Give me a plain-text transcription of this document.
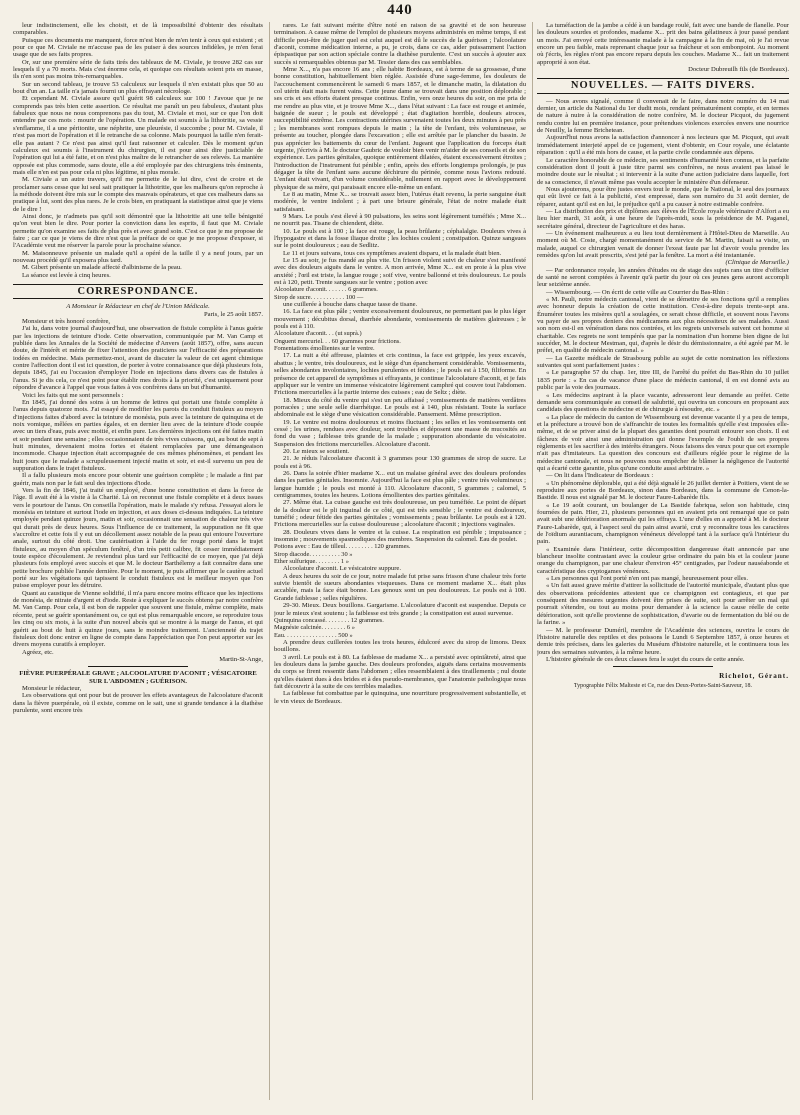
440

leur indistinctement, elle les choisit, et de là impossibilité d'obtenir des résultats comparables.

Puisque ces documents me manquent, force m'est bien de m'en tenir à ceux qui existent ; et pour ce que M. Civiale ne m'accuse pas de les puiser à des sources infidèles, je m'en ferai usage que de ses faits propres.

Or, sur une première série de faits tirés des tableaux de M. Civiale, je trouve 282 cas sur lesquels il y a 70 morts. Mais c'est énorme cela, et quoique ces résultats soient pris en masse, ils n'en sont pas moins très-remarquables.

Sur un second tableau, je trouve 53 calculeux sur lesquels il n'en existait plus que 50 au bout d'un an. La taille n'a jamais fourni un plus effrayant nécrologe.

Et cependant M. Civiale assure qu'il guérit 98 calculeux sur 100 ! J'avoue que je ne comprends pas très bien cette assertion. Ce résultat me paraît un peu fabuleux, d'autant plus fabuleux que nous ne nous comprenons pas du tout, M. Civiale et moi, sur ce que l'on doit entendre par ces mots : mourir de l'opération. Un malade est soumis à la lithotritie, sa vessie s'enflamme, il a une péritonite, une néphrite, une pleurésie, il succombe ; pour M. Civiale, il n'est pas mort de l'opération et il le retranche de sa colonne. Mais pourquoi la taille n'en ferait-elle pas autant ? Ce n'est pas ainsi qu'il faut raisonner et calculer. Dès le moment qu'un calculeux est soumis à l'instrument du chirurgien, il est pour ainsi dire justiciable de l'opération qui lui a été faite, et on n'est plus maître de le retrancher de ses relevés. La manière opposée est plus commode, sans doute, elle a été employée par des chirurgiens très éminents, mais elle n'en est pas pour cela ni plus légitime, ni plus morale.

M. Civiale a un autre travers, qu'il me permette de le lui dire, c'est de croire et de proclamer sans cesse que lui seul sait pratiquer la lithotritie, que les malheurs qu'on reproche à la méthode doivent être mis sur le compte des mauvais opérateurs, et que ces malheurs dans sa pratique à lui, sont des plus rares. Je le crois bien, en pratiquant la statistique ainsi que je viens de le dire !

Ainsi donc, je n'admets pas qu'il soit démontré que la lithotritie ait une telle bénignité qu'on veut bien le dire. Pour porter la conviction dans les esprits, il faut que M. Civiale permette qu'on examine ses faits de plus près et avec grand soin. C'est ce que je me propose de faire ; car ce que je viens de dire n'est que la préface de ce que je me propose d'exposer, si l'Académie veut me réserver la parole pour la prochaine séance.

M. Maisonneuve présente un malade qu'il a opéré de la taille il y a neuf jours, par un nouveau procédé qu'il exposera plus tard.

M. Gibert présente un malade affecté d'albinisme de la peau.

La séance est levée à cinq heures.

CORRESPONDANCE.

A Monsieur le Rédacteur en chef de l'Union Médicale.

Paris, le 25 août 1857.

Monsieur et très honoré confrère,

J'ai lu, dans votre journal d'aujourd'hui, une observation de fistule complète à l'anus guérie par les injections de teinture d'iode. Cette observation, communiquée par M. Van Camp et publiée dans les Annales de la Société de médecine d'Anvers (août 1857), offre, sans aucun doute, de l'intérêt et mérite de fixer l'attention des praticiens sur l'efficacité des préparations iodées en médecine. Mais permettez-moi, avant de discuter la valeur de cet agent chimique contre l'affection dont il est ici question, de porter à votre connaissance que déjà plusieurs fois, depuis 1845, j'ai eu l'occasion d'employer l'iode en injections dans divers cas de fistules à l'anus. Si je dis cela, ce n'est point pour établir mes droits à la priorité, c'est uniquement pour répondre d'avance à l'appel que vous faites à vos confrères dans un but d'humanité.

Voici les faits qui me sont personnels :

En 1845, j'ai donné des soins à un homme de lettres qui portait une fistule complète à l'anus depuis quatorze mois. J'ai essayé de modifier les parois du conduit fistuleux au moyen d'injections faites d'abord avec la teinture de monésia, puis avec la teinture de quinquina et de noix vomique, mêlées en parties égales, et en dernier lieu avec de la teinture d'iode coupée avec un tiers d'eau, puis avec moitié, et enfin pure. Les dernières injections ont été faites matin et soir pendant une semaine ; elles occasionnaient de très vives cuissons, qui, au bout de sept à huit minutes, devenaient moins fortes et étaient remplacées par une démangeaison incommode. Chaque injection était accompagnée de ces mêmes phénomènes, et pendant les huit jours que le malade a scrupuleusement injecté matin et soir, et est-il survenu un peu de suppuration dans le trajet fistuleux.

Il a fallu plusieurs mois encore pour obtenir une guérison complète ; le malade a fini par guérir, mais non par le fait seul des injections d'iode.

Vers la fin de 1846, j'ai traité un employé, d'une bonne constitution et dans la force de l'âge. Il avait été à la visite à la Charité. Là on reconnut une fistule complète et à deux issues vers le pourtour de l'anus. On conseilla l'opération, mais le malade s'y refusa. J'essayai alors le monésia en teinture et surtout l'iode en injection, et aux doses ci-dessus indiquées. La teinture employée pendant quinze jours, matin et soir, occasionnait une sensation de chaleur très vive qui durait près de deux heures. Sous l'influence de ce traitement, la suppuration ne fit que s'accroître et cette fois il y eut un décollement assez notable de la peau qui entoure l'ouverture anale, surtout du côté droit. Une cautérisation à l'aide du fer rouge porté dans le trajet fistuleux, au moyen d'un spéculum fenêtré, d'un très petit calibre, fit cesser immédiatement toute espèce d'écoulement. Je reviendrai plus tard sur l'efficacité de ce moyen, que j'ai déjà plusieurs fois employé avec succès et que M. le docteur Barthélemy a fait connaître dans une petite brochure publiée l'année dernière. Pour le moment, je puis affirmer que le cautère actuel porté sur les végétations qui tapissent le conduit fistuleux est le meilleur moyen que l'on puisse employer pour les détruire.

Quant au caustique de Vienne solidifié, il m'a paru encore moins efficace que les injections de monésia, de nitrate d'argent et d'iode. Reste à expliquer le succès obtenu par notre confrère M. Van Camp. Pour cela, il est bon de rappeler que souvent une fistule, même complète, mais récente, peut se guérir spontanément ou, ce qui est plus remarquable encore, se reproduire tous les cinq ou six mois, à la suite d'un nouvel abcès qui se montre à la marge de l'anus, et qui guérit au bout de huit à quinze jours, sans le moindre traitement. L'ancienneté du trajet fistuleux doit donc entrer en ligne de compte dans l'appréciation que l'on peut apporter sur les divers moyens curatifs à employer.

Agréez, etc.

Martin-St-Ange,

FIÈVRE PUERPÉRALE GRAVE ; ALCOOLATURE D'ACONIT ; VÉSICATOIRE SUR L'ABDOMEN ; GUÉRISON.

Monsieur le rédacteur,

Les observations qui ont pour but de prouver les effets avantageux de l'alcoolature d'aconit dans la fièvre puerpérale, où il existe, comme on le sait, une si grande tendance à la diathèse purulente, sont encore très

rares. Le fait suivant mérite d'être noté en raison de sa gravité et de son heureuse terminaison. A cause même de l'emploi de plusieurs moyens administrés en même temps, il est difficile peut-être de juger quel est celui auquel est dû le succès de la guérison ; l'alcoolature d'aconit, comme médication interne, a pu, je crois, dans ce cas, aider puissamment l'action épispastique par son action spéciale contre la diathèse purulente. C'est un succès à ajouter aux succès si remarquables obtenus par M. Tessier dans des cas semblables.

Mme X..., n'a pas encore 16 ans ; elle habite Bordeaux, est à terme de sa grossesse, d'une bonne constitution, habituellement bien réglée. Assistée d'une sage-femme, les douleurs de l'accouchement commencèrent le samedi 6 mars 1857, et le dimanche matin, la dilatation du col utérin était mais furent vains. Cette jeune dame se trouvait dans une position déplorable ; ses cris et ses efforts étaient presque continus. Enfin, vers onze heures du soir, on me pria de me rendre au plus vite, et je trouve Mme X..., dans l'état suivant : La face est rouge et animée, baignée de sueur ; le pouls est développé ; état d'agitation horrible, douleurs atroces, succeptibilité extrême. Les contractions utérines survenaient toutes les deux minutes à peu près ; les membranes sont rompues depuis le matin ; la tête de l'enfant, très volumineuse, se présente au toucher, plongée dans l'excavation ; elle est arrêtée par le plancher du bassin. Je pus apprécier les battements du cœur de l'enfant. Jugeant que l'application du forceps était urgente, j'écrivis à M. le docteur Gaubric de vouloir bien venir m'aider de ses conseils et de son expérience. Les parties génitales, quoique entièrement dilatées, étaient excessivement étroites ; l'introduction de l'instrument fut pénible ; enfin, après des efforts longtemps prolongés, je pus dégager la tête de l'enfant sans aucune déchirure du périnée, comme nous l'avions redouté. L'enfant était vivant, d'un volume considérable, nullement en rapport avec le développement physique de sa mère, qui paraissait encore elle-même un enfant.

Le 8 au matin, Mme X... se trouvait assez bien, l'utérus était revenu, la perte sanguine était modérée, le ventre indolent ; à part une brisure générale, l'état de notre malade était satisfaisant.

9 Mars. Le pouls s'est élevé à 90 pulsations, les seins sont légèrement tuméfiés ; Mme X... ne nourrit pas. Tisane de chiendent, diète.

10. Le pouls est à 100 ; la face est rouge, la peau brûlante ; céphalalgie. Douleurs vives à l'hypogastre et dans la fosse iliaque droite ; les lochies coulent ; constipation. Quinze sangsues sur le point douloureux ; eau de Sedlitz.

Le 11 et jours suivans, tous ces symptômes avaient disparu, et la malade était bien.

Le 15 au soir, je fus mandé au plus vite. Un frisson violent suivi de chaleur s'est manifesté avec des douleurs aiguës dans le ventre. A mon arrivée, Mme X... est en proie à la plus vive anxiété ; l'œil est triste, la langue rouge ; soif vive, ventre ballonné et très douloureux. Le pouls est à 120, petit. Trente sangsues sur le ventre ; potion avec

Alcoolature d'aconit. . . . . . . 6 grammes.

Sirop de sucre. . . . . . . . . . . 100 —

une cuillerée à bouche dans chaque tasse de tisane.

16. La face est plus pâle ; ventre excessivement douloureux, ne permettant pas le plus léger mouvement ; décubitus dorsal, diarrhée abondante, vomissements de matières glaireuses ; le pouls est à 110.

Alcoolature d'aconit. . . (ut suprà.)

Onguent mercuriel. . . 60 grammes pour frictions.

Fomentations émollientes sur le ventre.

17. La nuit a été affreuse, plaintes et cris continus, la face est grippée, les yeux excavés, abattus ; le ventre, très douloureux, est le siège d'un épanchement considérable. Vomissements, selles abondantes involontaires, lochies purulentes et fétides ; le pouls est à 150, filiforme. En présence de cet appareil de symptômes si effrayants, je continue l'alcoolature d'aconit, et je fais appliquer sur le ventre un immense vésicatoire légèrement camphré qui couvre tout l'abdomen. Frictions mercurielles à la partie interne des cuisses ; eau de Seltz ; diète.

18. Mieux du côté du ventre qui s'est un peu affaissé ; vomissements de matières verdâtres porracées ; une seule selle diarrhéique. Le pouls est à 140, plus résistant. Toute la surface abdominale est le siège d'une vésication considérable. Pansement. Même prescription.

19. Le ventre est moins douloureux et moins fluctuant ; les selles et les vomissements ont cessé ; les urines, rendues avec douleur, sont troubles et déposent une masse de mucosités au fond du vase ; faiblesse très grande de la malade ; suppuration abondante du vésicatoire. Suspension des frictions mercurielles. Alcoolature d'aconit.

20. Le mieux se soutient.

21. Je réduis l'alcoolature d'aconit à 3 grammes pour 130 grammes de sirop de sucre. Le pouls est à 96.

26. Dans la soirée d'hier madame X... eut un malaise général avec des douleurs profondes dans les parties génitales. Insomnie. Aujourd'hui la face est plus pâle ; ventre très volumineux ; langue humide ; le pouls est monté à 110. Alcoolature d'aconit, 5 grammes ; calomel, 5 centigrammes, toutes les heures. Lotions émollientes des parties génitales.

27. Même état. La cuisse gauche est très douloureuse, un peu tuméfiée. Le point de départ de la douleur est le pli inguinal de ce côté, qui est très sensible ; le ventre est douloureux, tuméfié ; odeur fétide des parties génitales ; vomissements ; peau brûlante. Le pouls est à 120. Frictions mercurielles sur la cuisse douloureuse ; alcoolature d'aconit ; injections vaginales.

28. Douleurs vives dans le ventre et la cuisse. La respiration est pénible ; impuissance ; insomnie ; mouvements spasmodiques des membres. Suspension du calomel. Eau de poulet.

Potions avec : Eau de tilleul. . . . . . . . . 120 grammes.

Sirop diacode. . . . . . . . . . 30 »

Ether sulfurique. . . . . . . . 1 »

Alcoolature d'aconit. Le vésicatoire suppure.

A deux heures du soir de ce jour, notre malade fut prise sans frisson d'une chaleur très forte suivie bientôt de sueurs abondantes visqueuses. Dans ce moment madame X... était plus accablée, mais la face était bonne. Les genoux sont un peu douloureux. Le pouls est à 100. Grande faiblesse ; selles régulières.

29-30. Mieux. Deux bouillons. Gargarisme. L'alcoolature d'aconit est suspendue. Depuis ce jour le mieux s'est soutenu ; la faiblesse est très grande ; la constipation est aussi survenue.

Quinquina concassé. . . . . . . . 12 grammes.

Magnésie calcinée. . . . . . . . 6 »

Eau. . . . . . . . . . . . . . . . . 500 »

A prendre deux cuillerées toutes les trois heures, édulcoré avec du sirop de limons. Deux bouillons.

3 avril. Le pouls est à 80. La faiblesse de madame X... a persisté avec opiniâtreté, ainsi que les douleurs dans la jambe gauche. Des douleurs profondes, aiguës dans certains mouvements du corps se firent ressentir dans l'abdomen ; elles ressemblaient à des tiraillements ; nul doute qu'elles étaient dues à des brides et à des pseudo-membranes, que l'anatomie pathologique nous fait découvrir à la suite de ces terribles maladies.

La faiblesse fut combattue par le quinquina, une nourriture progressivement substantielle, et le vin vieux de Bordeaux.

La tuméfaction de la jambe a cédé à un bandage roulé, fait avec une bande de flanelle. Pour les douleurs sourdes et profondes, madame X... prit des bains gélatineux à jour passé pendant un mois. J'ai envoyé cette intéressante malade à la campagne à la fin de mai, où je l'ai revue encore un peu faible, mais reprenant chaque jour sa fraîcheur et son embonpoint. Au moment où j'écris, les règles n'ont pas encore reparu depuis les couches. Madame X... fait un traitement approprié à son état.

Docteur Dubreuilh fils (de Bordeaux).

NOUVELLES. — FAITS DIVERS.

— Nous avons signalé, comme il convenait de le faire, dans notre numéro du 14 mai dernier, un article du National du 1er dudit mois, rendant prématurément compte, et en termes de nature à nuire à la considération de notre confrère, M. le docteur Picquot, du jugement rendu contre lui en première instance, pour prétendues violences exercées envers une nourrice de Neuilly, la femme Brichetean.

Aujourd'hui nous avons la satisfaction d'annoncer à nos lecteurs que M. Picquot, qui avait immédiatement interjeté appel de ce jugement, vient d'obtenir, en Cour royale, une éclatante réparation : qu'il a été mis hors de cause, et la partie civile condamnée aux dépens.

Le caractère honorable de ce médecin, ses sentiments d'humanité bien connus, et la parfaite considération dont il jouit à juste titre parmi ses confrères, ne nous avaient pas laissé le moindre doute sur le résultat ; si intervenir à la suite d'une action judiciaire dans laquelle, fort de sa conscience, il n'avait même pas voulu accepter le ministère d'un défenseur.

Nous ajouterons, pour être justes envers tout le monde, que le National, le seul des journaux qui eût livré ce fait à la publicité, s'est empressé, dans son numéro du 31 août dernier, de réparer, autant qu'il est en lui, le préjudice qu'il a pu causer à notre estimable confrère.

— La distribution des prix et diplômes aux élèves de l'École royale vétérinaire d'Alfort a eu lieu hier mardi, 31 août, à une heure de l'après-midi, sous la présidence de M. Paganel, secrétaire général, directeur de l'agriculture et des haras.

— Un événement malheureux a eu lieu tout dernièrement à l'Hôtel-Dieu de Marseille. Au moment où M. Coste, chargé momentanément du service de M. Martin, faisait sa visite, un malade, auquel ce chirurgien venait de donner l'exeat faute par lui d'avoir voulu prendre les remèdes qu'on lui avait prescrits, s'est jeté par la fenêtre. La mort a été instantanée.

(Clinique de Marseille.)

— Par ordonnance royale, les années d'études ou de stage des sujets rans un titre d'officier de santé ne seront comptées à l'avenir qu'à partir du jour où ces jeunes gens auront accompli leur seizième année.

— Wissembourg. — On écrit de cette ville au Courrier du Bas-Rhin :

« M. Pauli, notre médecin cantonal, vient de se démettre de ses fonctions qu'il a remplies avec honneur depuis la création de cette institution. C'est-à-dire depuis trente-sept ans. Énumérer toutes les misères qu'il a soulagées, ce serait chose difficile, et souvent nous l'avons vu payer de ses propres deniers des médicamens aux plus nécessiteux de ses malades. Aussi son nom est-il en vénération dans nos contrées, et les regrets universels suivent cet homme si charitable. Ces regrets ne sont tempérés que par la nomination d'un homme bien digne de lui succéder, M. le docteur Mestman, qui, d'après le désir du démissionnaire, a été agréé par M. le préfet, en qualité de médecin cantonal. »

— La Gazette médicale de Strasbourg publie au sujet de cette nomination les réflexions suivantes qui sont parfaitement justes :

« Le paragraphe 57 du chap. 1er, titre III, de l'arrêté du préfet du Bas-Rhin du 10 juillet 1835 porte : « En cas de vacance d'une place de médecin cantonal, il en est donné avis au public par la voie des journaux.

« Les médecins aspirant à la place vacante, adresseront leur demande au préfet. Cette demande sera communiquée au conseil de salubrité, qui ouvrira un concours en proposant aux candidats des questions de médecine et de chirurgie à résoudre, etc. »

« La place de médecin du canton de Wissembourg est devenue vacante il y a peu de temps, et la préfecture a trouvé bon de s'affranchir de toutes les formalités qu'elle s'est imposées elle-même, et de se priver ainsi de la plupart des garanties dont pourrait entourer son choix. Il est fâcheux de voir ainsi une administration qui donne l'exemple de l'oubli de ses propres règlements et les sacrifier à des intérêts étrangers. Nous faisons des vœux pour que cet exemple n'ait pas d'imitateurs. La question des concours est d'ailleurs réglée pour le régime de la médecine cantonale, et nous ne pouvons nous empêcher de blâmer la négligence de l'autorité qui a écarté cette garantie, plus qu'une conduite aussi arbitraire. »

— On lit dans l'Indicateur de Bordeaux :

« Un phénomène déplorable, qui a été déjà signalé le 26 juillet dernier à Poitiers, vient de se reproduire aux portes de Bordeaux, sinon dans Bordeaux, dans la commune de Cenon-la-Bastide. Il nous est signalé par M. le docteur Faure-Labarède fils.

« Le 19 août courant, un boulanger de La Bastide fabriqua, selon son habitude, cinq fournées de pain. Hier, 21, plusieurs personnes qui en avaient pris ont remarqué que ce pain avait subi une détérioration anormale qui les effraya. L'une d'elles en a apporté à M. le docteur Faure-Labarède, qui, à l'aspect seul du pain ainsi avarié, crut y reconnaître tous les caractères de l'oïdium aurantiacum, champignon vénéneux développé tant à la surface qu'à l'intérieur du pain.

« Examinée dans l'intérieur, cette décomposition dangereuse était annoncée par une blancheur insolite contrastant avec la couleur grise ordinaire du pain bis et la couleur jaune orange du champignon, par une chaleur d'environ 45° centigrades, par l'odeur nauséabonde et caractéristique des cryptogames vénéneux.

« Les personnes qui l'ont porté n'en ont pas mangé, heureusement pour elles.

« Un fait aussi grave mérite d'attirer la sollicitude de l'autorité municipale, d'autant plus que des observations précédentes attestent que ce champignon est contagieux, et que par conséquent des mesures urgentes doivent être prises de suite, soit pour arrêter un mal qui pourrait s'étendre, ou tout au moins pour demander à la science la cause réelle de cette détérioration, soit qu'elle provienne de sophistication, d'avarie ou de fermentation du blé ou de la farine. »

— M. le professeur Duméril, membre de l'Académie des sciences, ouvrira le cours de l'histoire naturelle des reptiles et des poissons le Lundi 6 Septembre 1857, à onze heures et demie très précises, dans les galeries du Muséum d'histoire naturelle, et le continuera tous les jours des semaines suivantes, à la même heure.

L'histoire générale de ces deux classes fera le sujet du cours de cette année.

Richelot, Gérant.
Typographie Félix Malteste et Ce, rue des Deux-Portes-Saint-Sauveur, 18.
